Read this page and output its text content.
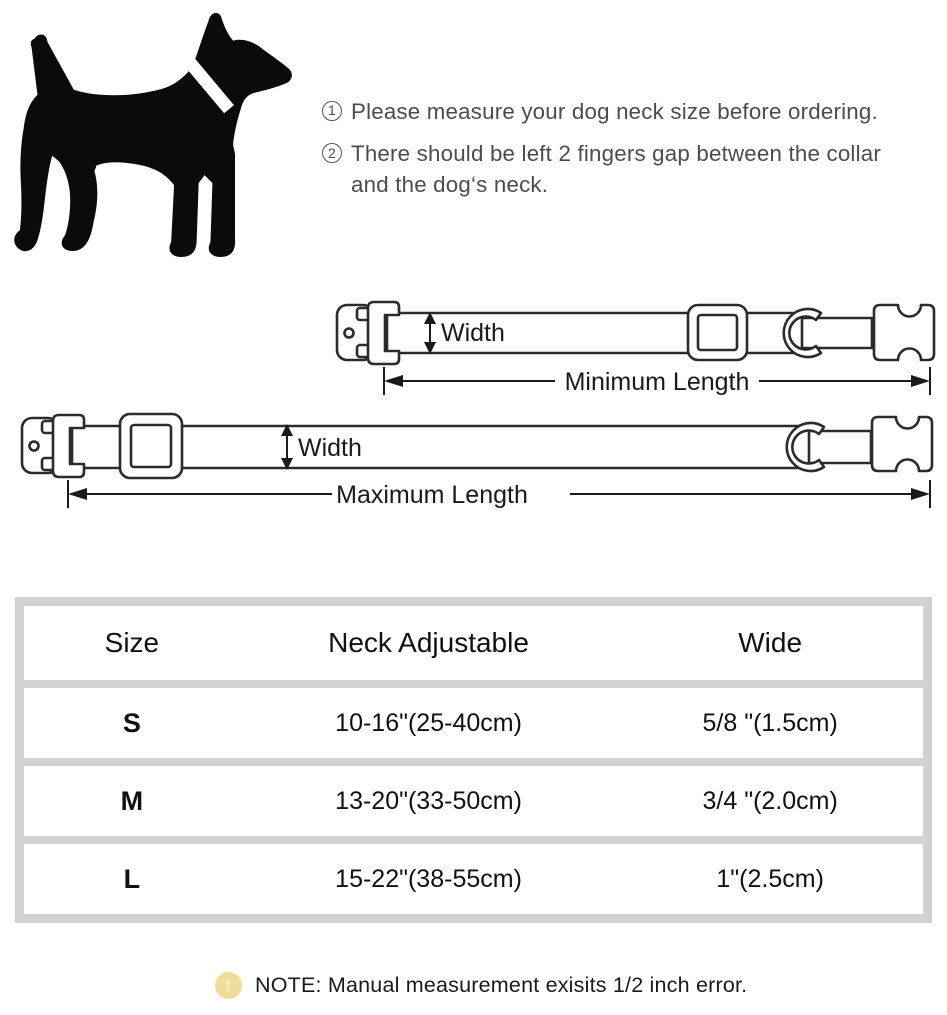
1 Please measure your dog neck size before ordering.
2 There should be left 2 fingers gap between the collar and the dog‘s neck.
Width
Minimum Length
Width
Maximum Length
Size	Neck Adjustable	Wide
S	10-16"(25-40cm)	5/8 "(1.5cm)
M	13-20"(33-50cm)	3/4 "(2.0cm)
L	15-22"(38-55cm)	1"(2.5cm)
!	NOTE: Manual measurement exisits 1/2 inch error.
